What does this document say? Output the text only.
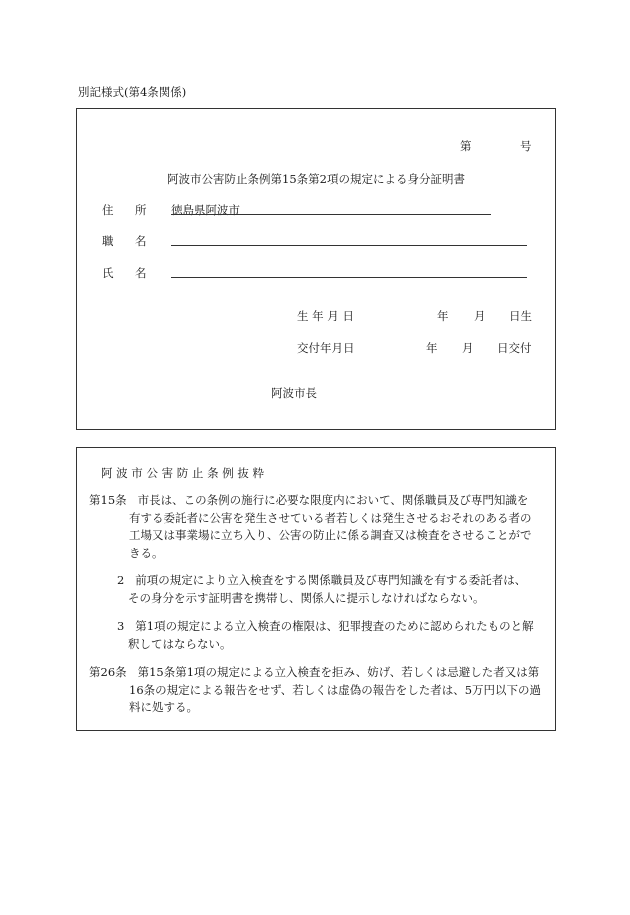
別記様式(第4条関係)
第	号
阿波市公害防止条例第15条第2項の規定による身分証明書
住 所 徳島県阿波市
職 名
氏 名
生 年 月 日	年 月 日生
交付年月日	年 月 日交付
阿波市長
阿 波 市 公 害 防 止 条 例 抜 粋
第15条 市長は、この条例の施行に必要な限度内において、関係職員及び専門知識を
有する委託者に公害を発生させている者若しくは発生させるおそれのある者の
工場又は事業場に立ち入り、公害の防止に係る調査又は検査をさせることがで
きる。
2 前項の規定により立入検査をする関係職員及び専門知識を有する委託者は、
その身分を示す証明書を携帯し、関係人に提示しなければならない。
3 第1項の規定による立入検査の権限は、犯罪捜査のために認められたものと解
釈してはならない。
第26条 第15条第1項の規定による立入検査を拒み、妨げ、若しくは忌避した者又は第
16条の規定による報告をせず、若しくは虚偽の報告をした者は、5万円以下の過
料に処する。
